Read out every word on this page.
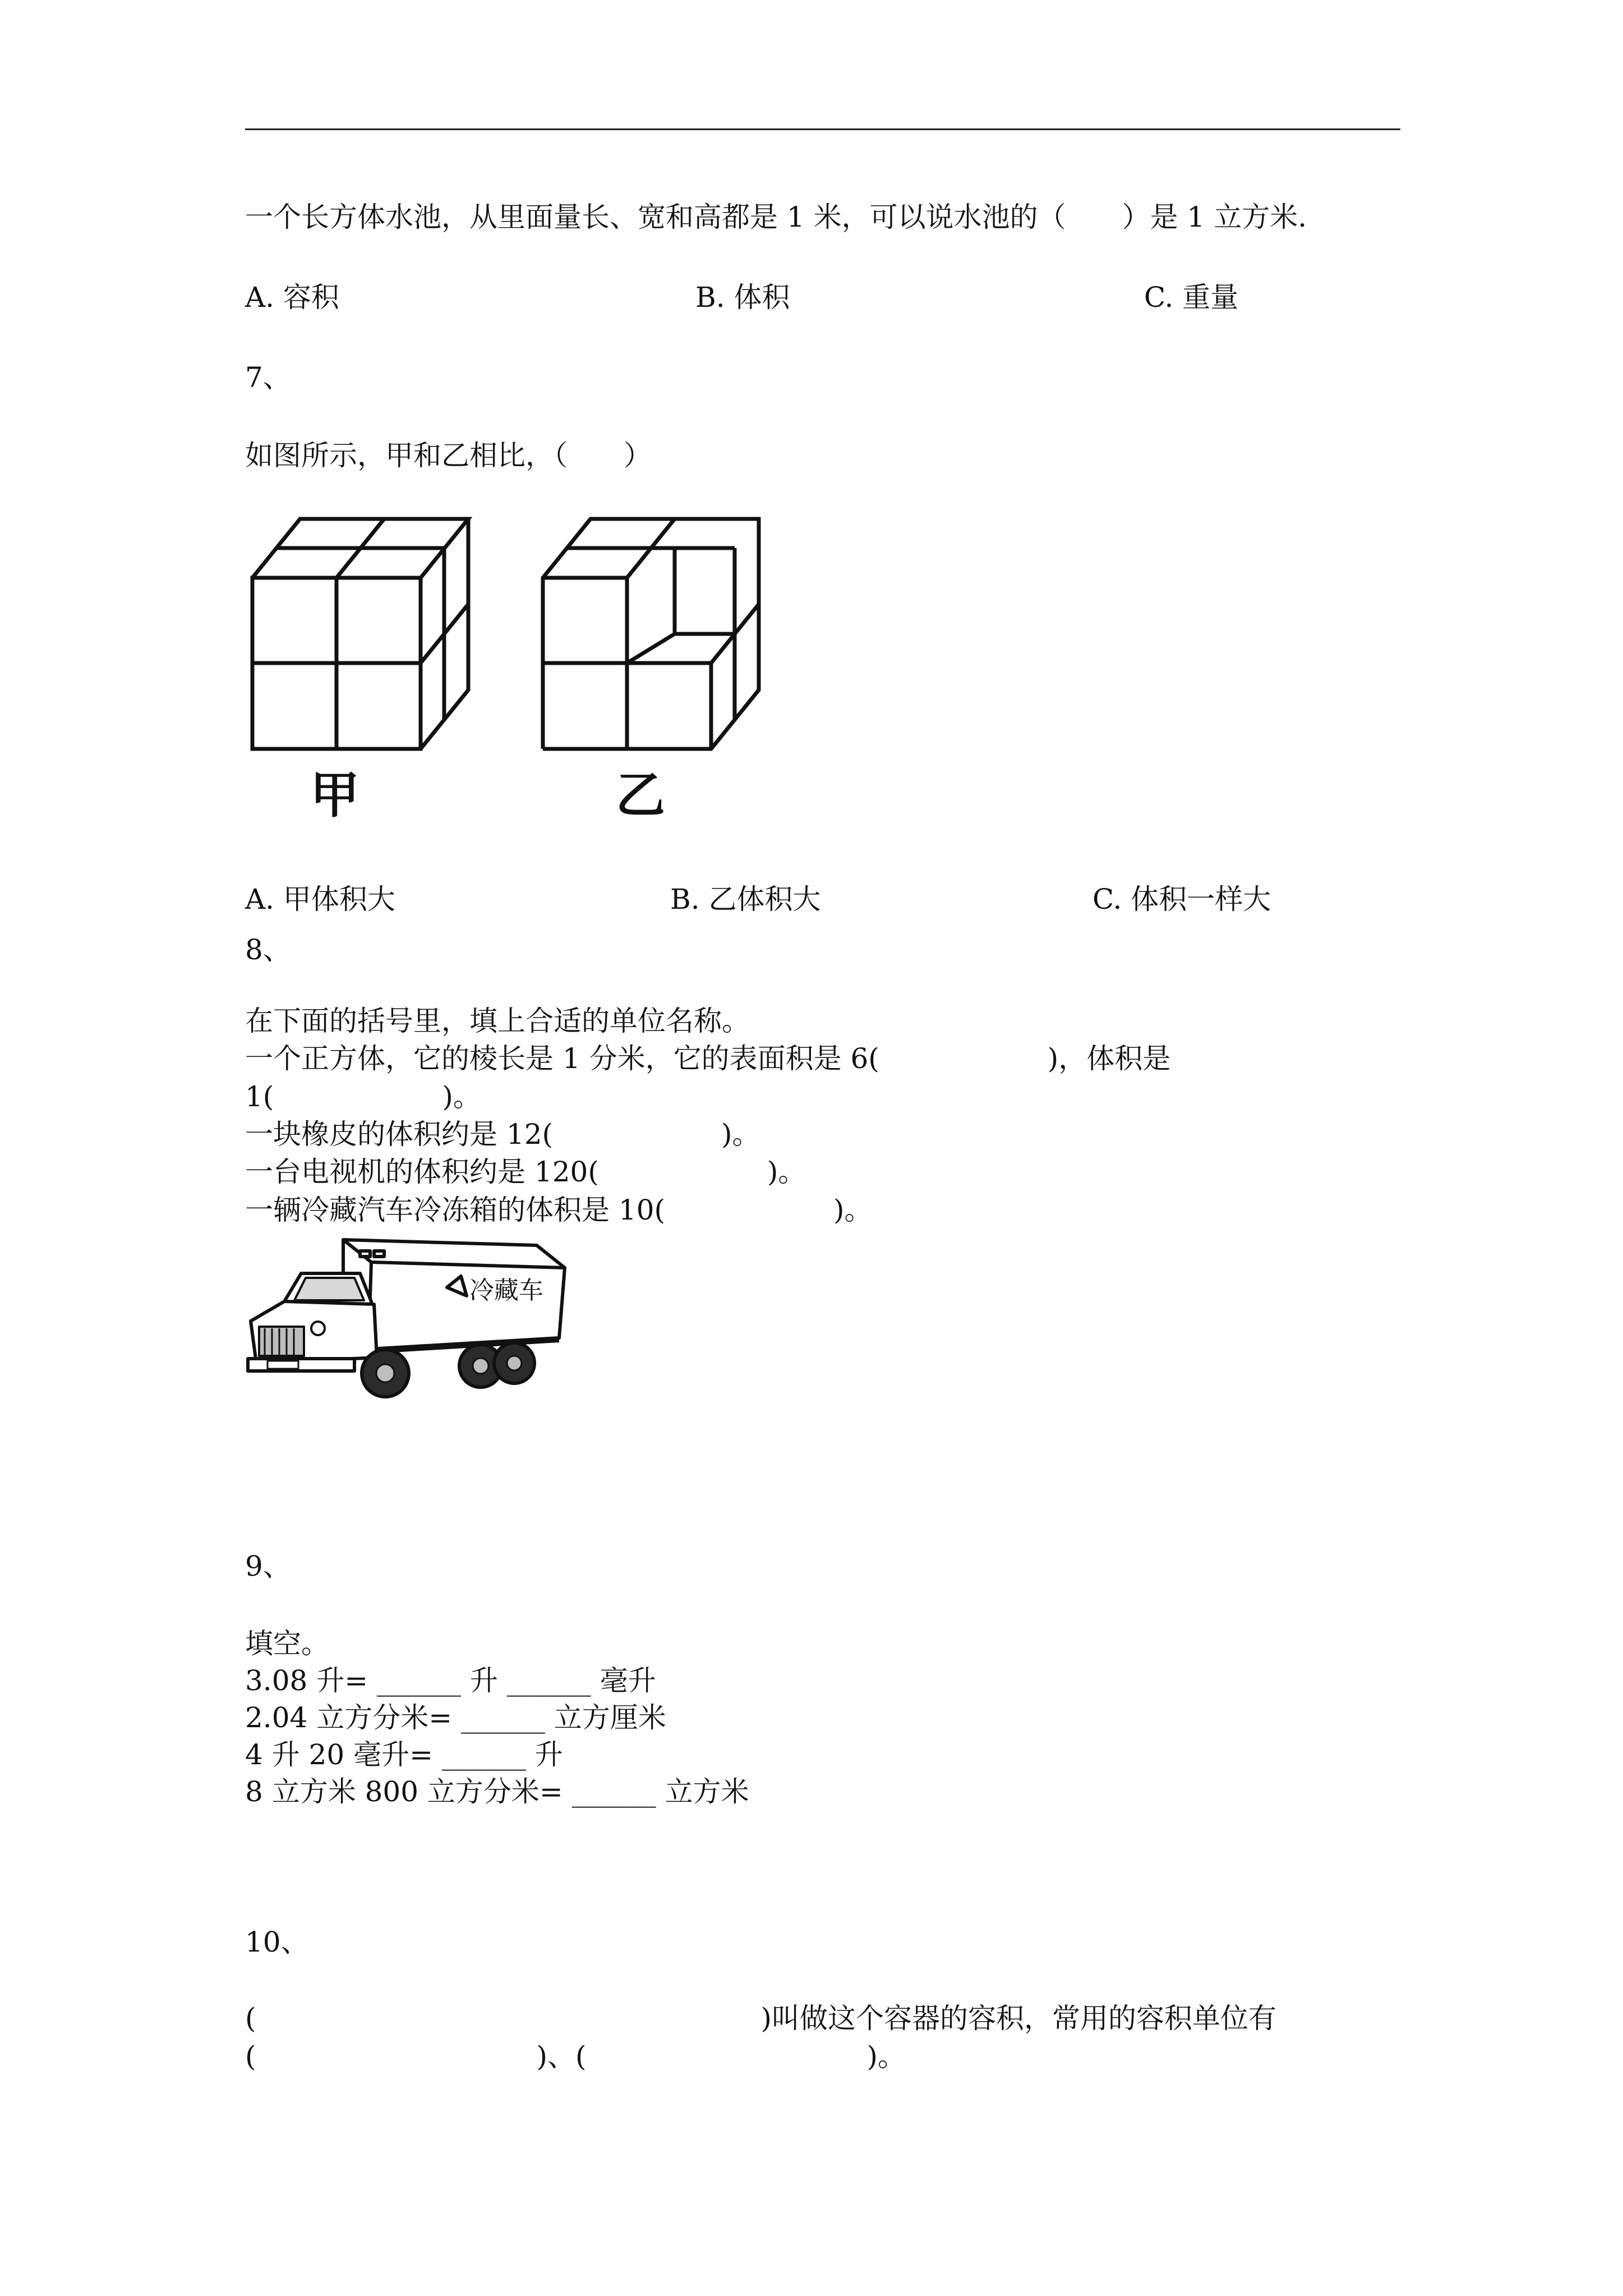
一个长方体水池，从里面量长、宽和高都是 1 米，可以说水池的（　　）是 1 立方米.
A. 容积	B. 体积	C. 重量
7、
如图所示，甲和乙相比，（　　）
甲	乙
A. 甲体积大	B. 乙体积大	C. 体积一样大
8、
在下面的括号里，填上合适的单位名称。
一个正方体，它的棱长是 1 分米，它的表面积是 6(　　　　　　)，体积是
1(　　　　　　)。
一块橡皮的体积约是 12(　　　　　　)。
一台电视机的体积约是 120(　　　　　　)。
一辆冷藏汽车冷冻箱的体积是 10(　　　　　　)。
冷藏车
9、
填空。
3.08 升= ______ 升 ______ 毫升
2.04 立方分米= ______ 立方厘米
4 升 20 毫升= ______ 升
8 立方米 800 立方分米= ______ 立方米
10、
(　　　　　　　　　　　　　　　　　　)叫做这个容器的容积，常用的容积单位有
(　　　　　　　　　　)、(　　　　　　　　　　)。
